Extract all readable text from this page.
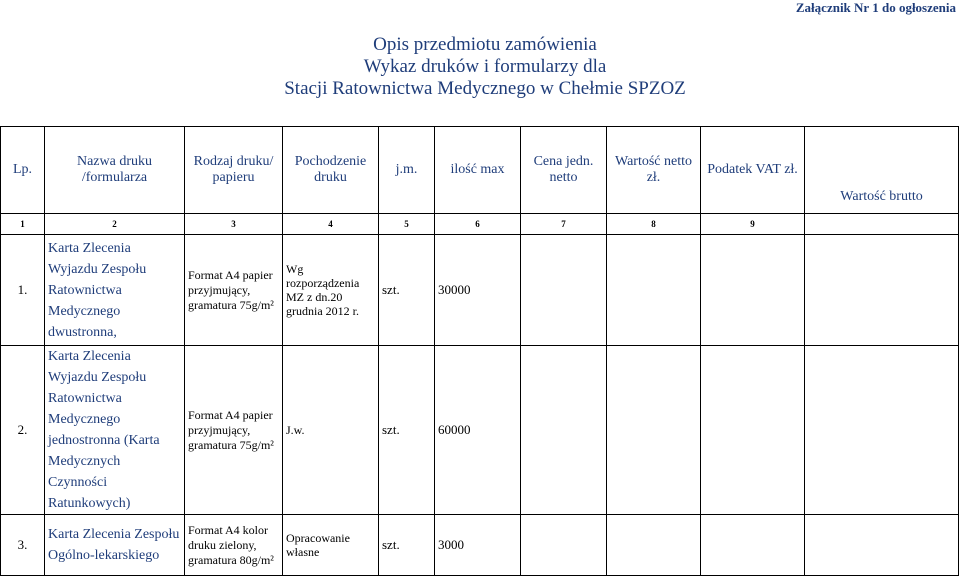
Załącznik Nr 1 do ogłoszenia
Opis przedmiotu zamówienia
Wykaz druków i formularzy dla
Stacji Ratownictwa Medycznego w Chełmie SPZOZ
Lp.	Nazwa druku /formularza	Rodzaj druku/ papieru	Pochodzenie druku	j.m.	ilość max	Cena jedn. netto	Wartość netto zł.	Podatek VAT zł.	Wartość brutto
1	2	3	4	5	6	7	8	9	
1.	Karta Zlecenia Wyjazdu Zespołu Ratownictwa Medycznego dwustronna,	Format A4 papier przyjmujący, gramatura 75g/m²	Wg rozporządzenia MZ z dn.20 grudnia 2012 r.	szt.	30000				
2.	Karta Zlecenia Wyjazdu Zespołu Ratownictwa Medycznego jednostronna (Karta Medycznych Czynności Ratunkowych)	Format A4 papier przyjmujący, gramatura 75g/m²	J.w.	szt.	60000				
3.	Karta Zlecenia Zespołu Ogólno-lekarskiego	Format A4 kolor druku zielony, gramatura 80g/m²	Opracowanie własne	szt.	3000				
